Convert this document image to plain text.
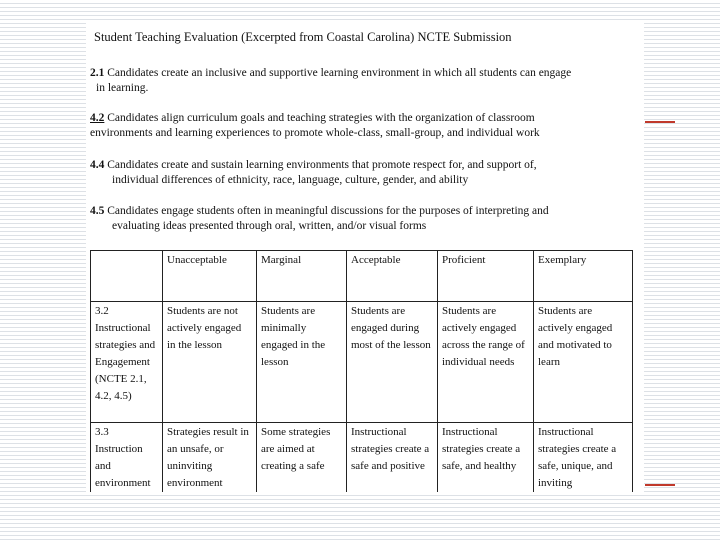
Student Teaching Evaluation (Excerpted from Coastal Carolina) NCTE Submission
2.1 Candidates create an inclusive and supportive learning environment in which all students can engage
in learning.
4.2 Candidates align curriculum goals and teaching strategies with the organization of classroom
environments and learning experiences to promote whole-class, small-group, and individual work
4.4 Candidates create and sustain learning environments that promote respect for, and support of,
individual differences of ethnicity, race, language, culture, gender, and ability
4.5 Candidates engage students often in meaningful discussions for the purposes of interpreting and
evaluating ideas presented through oral, written, and/or visual forms
	Unacceptable	Marginal	Acceptable	Proficient	Exemplary
3.2 Instructional strategies and Engagement (NCTE 2.1, 4.2, 4.5)	Students are not actively engaged in the lesson	Students are minimally engaged in the lesson	Students are engaged during most of the lesson	Students are actively engaged across the range of individual needs	Students are actively engaged and motivated to learn
3.3 Instruction and environment	Strategies result in an unsafe, or uninviting environment	Some strategies are aimed at creating a safe	Instructional strategies create a safe and positive	Instructional strategies create a safe, and healthy	Instructional strategies create a safe, unique, and inviting
